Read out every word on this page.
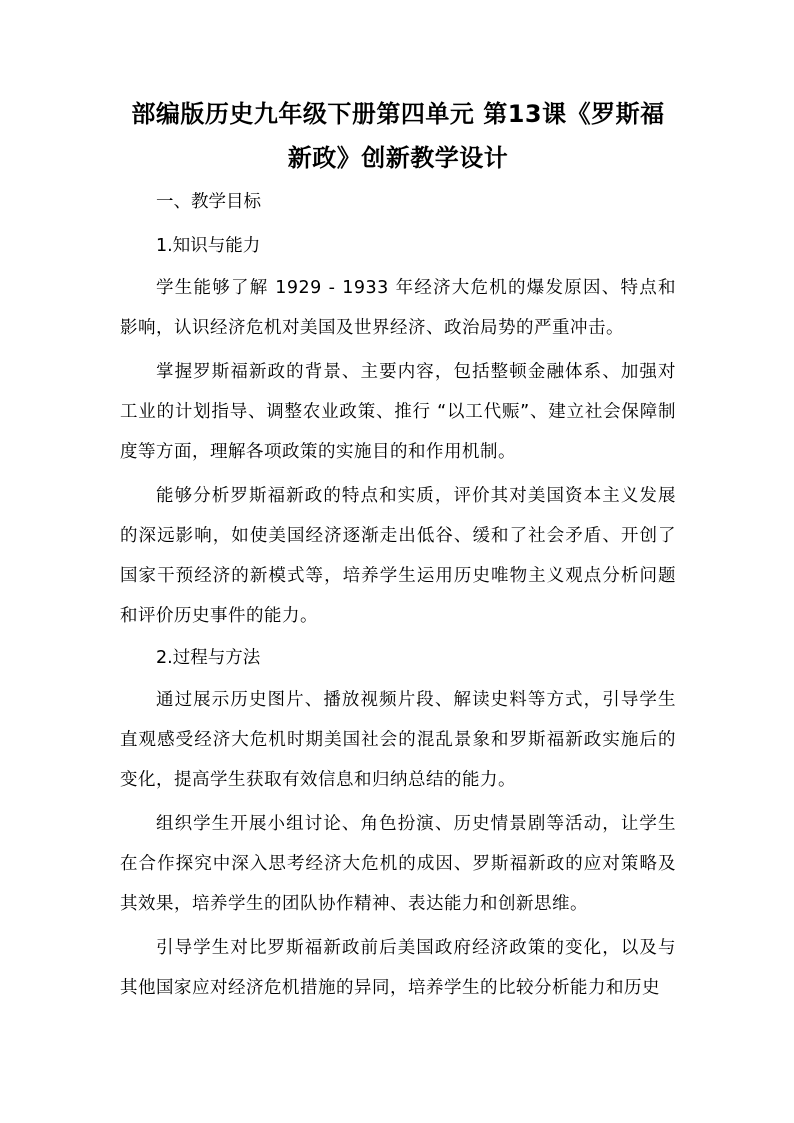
部编版历史九年级下册第四单元 第13课《罗斯福新政》创新教学设计

一、教学目标

1.知识与能力

学生能够了解 1929 - 1933 年经济大危机的爆发原因、特点和影响，认识经济危机对美国及世界经济、政治局势的严重冲击。

掌握罗斯福新政的背景、主要内容，包括整顿金融体系、加强对工业的计划指导、调整农业政策、推行 “以工代赈”、建立社会保障制度等方面，理解各项政策的实施目的和作用机制。

能够分析罗斯福新政的特点和实质，评价其对美国资本主义发展的深远影响，如使美国经济逐渐走出低谷、缓和了社会矛盾、开创了国家干预经济的新模式等，培养学生运用历史唯物主义观点分析问题和评价历史事件的能力。

2.过程与方法

通过展示历史图片、播放视频片段、解读史料等方式，引导学生直观感受经济大危机时期美国社会的混乱景象和罗斯福新政实施后的变化，提高学生获取有效信息和归纳总结的能力。

组织学生开展小组讨论、角色扮演、历史情景剧等活动，让学生在合作探究中深入思考经济大危机的成因、罗斯福新政的应对策略及其效果，培养学生的团队协作精神、表达能力和创新思维。

引导学生对比罗斯福新政前后美国政府经济政策的变化，以及与其他国家应对经济危机措施的异同，培养学生的比较分析能力和历史
